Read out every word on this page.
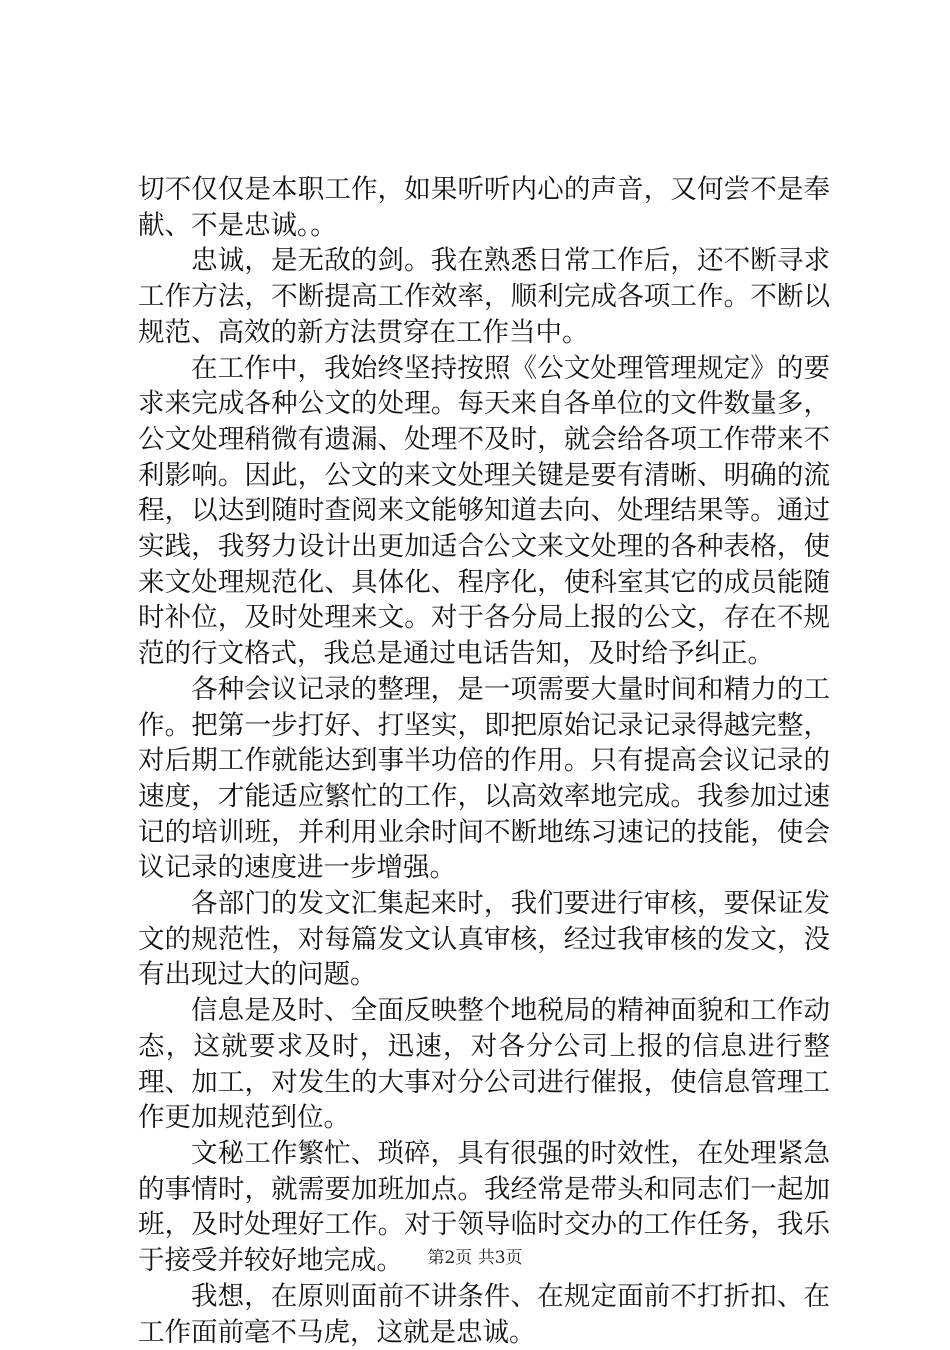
切不仅仅是本职工作，如果听听内心的声音，又何尝不是奉献、不是忠诚。。

忠诚，是无敌的剑。我在熟悉日常工作后，还不断寻求工作方法，不断提高工作效率，顺利完成各项工作。不断以规范、高效的新方法贯穿在工作当中。

在工作中，我始终坚持按照《公文处理管理规定》的要求来完成各种公文的处理。每天来自各单位的文件数量多，公文处理稍微有遗漏、处理不及时，就会给各项工作带来不利影响。因此，公文的来文处理关键是要有清晰、明确的流程，以达到随时查阅来文能够知道去向、处理结果等。通过实践，我努力设计出更加适合公文来文处理的各种表格，使来文处理规范化、具体化、程序化，使科室其它的成员能随时补位，及时处理来文。对于各分局上报的公文，存在不规范的行文格式，我总是通过电话告知，及时给予纠正。

各种会议记录的整理，是一项需要大量时间和精力的工作。把第一步打好、打坚实，即把原始记录记录得越完整，对后期工作就能达到事半功倍的作用。只有提高会议记录的速度，才能适应繁忙的工作，以高效率地完成。我参加过速记的培训班，并利用业余时间不断地练习速记的技能，使会议记录的速度进一步增强。

各部门的发文汇集起来时，我们要进行审核，要保证发文的规范性，对每篇发文认真审核，经过我审核的发文，没有出现过大的问题。

信息是及时、全面反映整个地税局的精神面貌和工作动态，这就要求及时，迅速，对各分公司上报的信息进行整理、加工，对发生的大事对分公司进行催报，使信息管理工作更加规范到位。

文秘工作繁忙、琐碎，具有很强的时效性，在处理紧急的事情时，就需要加班加点。我经常是带头和同志们一起加班，及时处理好工作。对于领导临时交办的工作任务，我乐于接受并较好地完成。

我想，在原则面前不讲条件、在规定面前不打折扣、在工作面前毫不马虎，这就是忠诚。

第2页 共3页
